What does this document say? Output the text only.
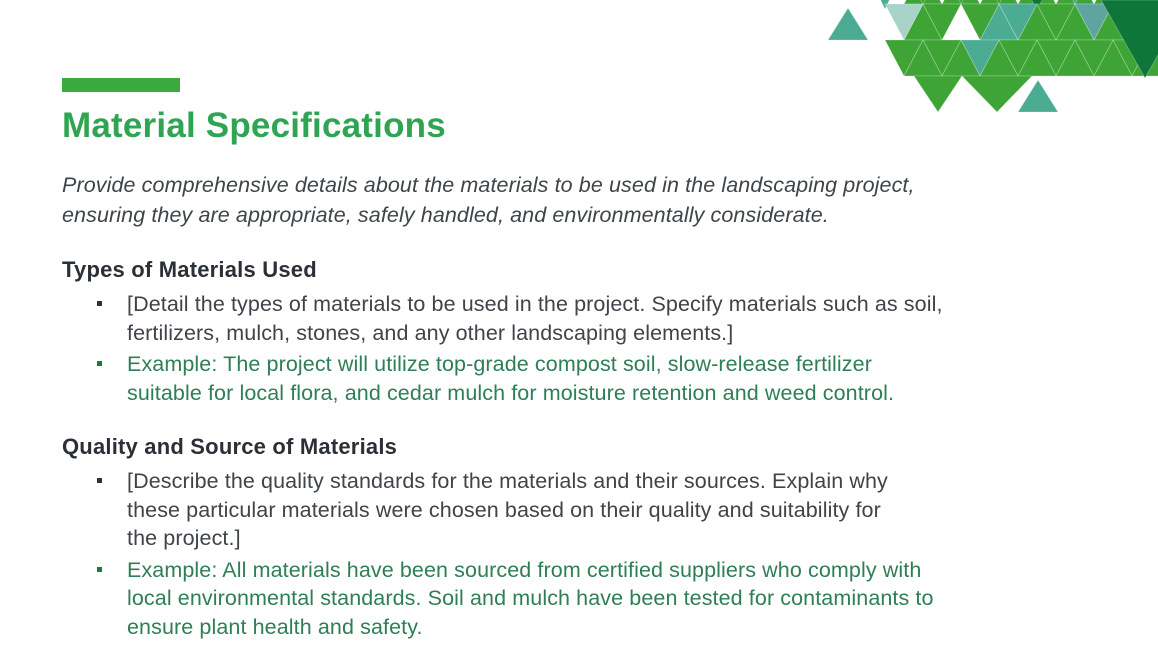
Material Specifications
Provide comprehensive details about the materials to be used in the landscaping project,
ensuring they are appropriate, safely handled, and environmentally considerate.
Types of Materials Used
[Detail the types of materials to be used in the project. Specify materials such as soil,
fertilizers, mulch, stones, and any other landscaping elements.]
Example: The project will utilize top-grade compost soil, slow-release fertilizer
suitable for local flora, and cedar mulch for moisture retention and weed control.
Quality and Source of Materials
[Describe the quality standards for the materials and their sources. Explain why
these particular materials were chosen based on their quality and suitability for
the project.]
Example: All materials have been sourced from certified suppliers who comply with
local environmental standards. Soil and mulch have been tested for contaminants to
ensure plant health and safety.
